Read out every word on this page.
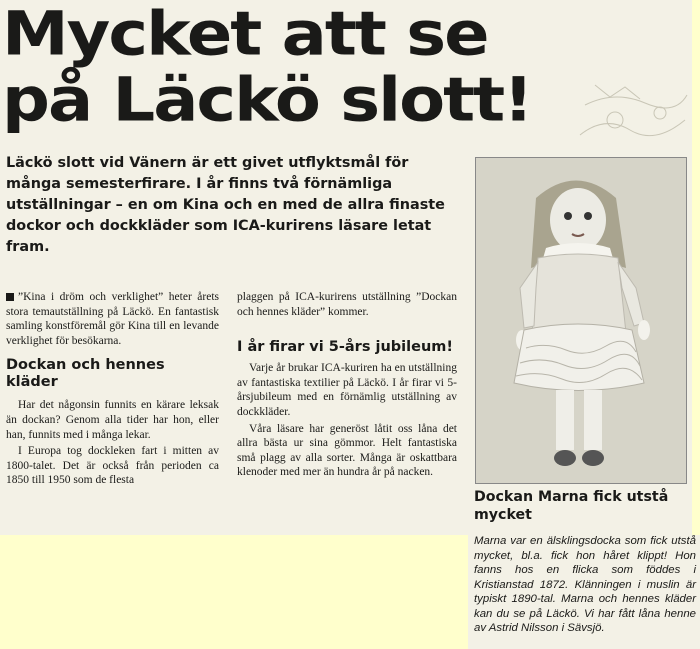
Mycket att se
på Läckö slott!

Läckö slott vid Vänern är ett givet utflyktsmål för många semesterfirare. I år finns två förnämliga utställningar – en om Kina och en med de allra finaste dockor och dockkläder som ICA-kurirens läsare letat fram.

”Kina i dröm och verklighet” heter årets stora temautställning på Läckö. En fantastisk samling konstföremål gör Kina till en levande verklighet för besökarna.

Dockan och hennes kläder

Har det någonsin funnits en kärare leksak än dockan? Genom alla tider har hon, eller han, funnits med i många lekar.

I Europa tog dockleken fart i mitten av 1800-talet. Det är också från perioden ca 1850 till 1950 som de flesta

plaggen på ICA-kurirens utställning ”Dockan och hennes kläder” kommer.

I år firar vi 5-års jubileum!

Varje år brukar ICA-kuriren ha en utställning av fantastiska textilier på Läckö. I år firar vi 5-årsjubileum med en förnämlig utställning av dockkläder.

Våra läsare har generöst låtit oss låna det allra bästa ur sina gömmor. Helt fantastiska små plagg av alla sorter. Många är oskattbara klenoder med mer än hundra år på nacken.

Dockan Marna fick utstå mycket

Marna var en älsklingsdocka som fick utstå mycket, bl.a. fick hon håret klippt! Hon fanns hos en flicka som föddes i Kristianstad 1872. Klänningen i muslin är typiskt 1890-tal. Marna och hennes kläder kan du se på Läckö. Vi har fått låna henne av Astrid Nilsson i Sävsjö.
